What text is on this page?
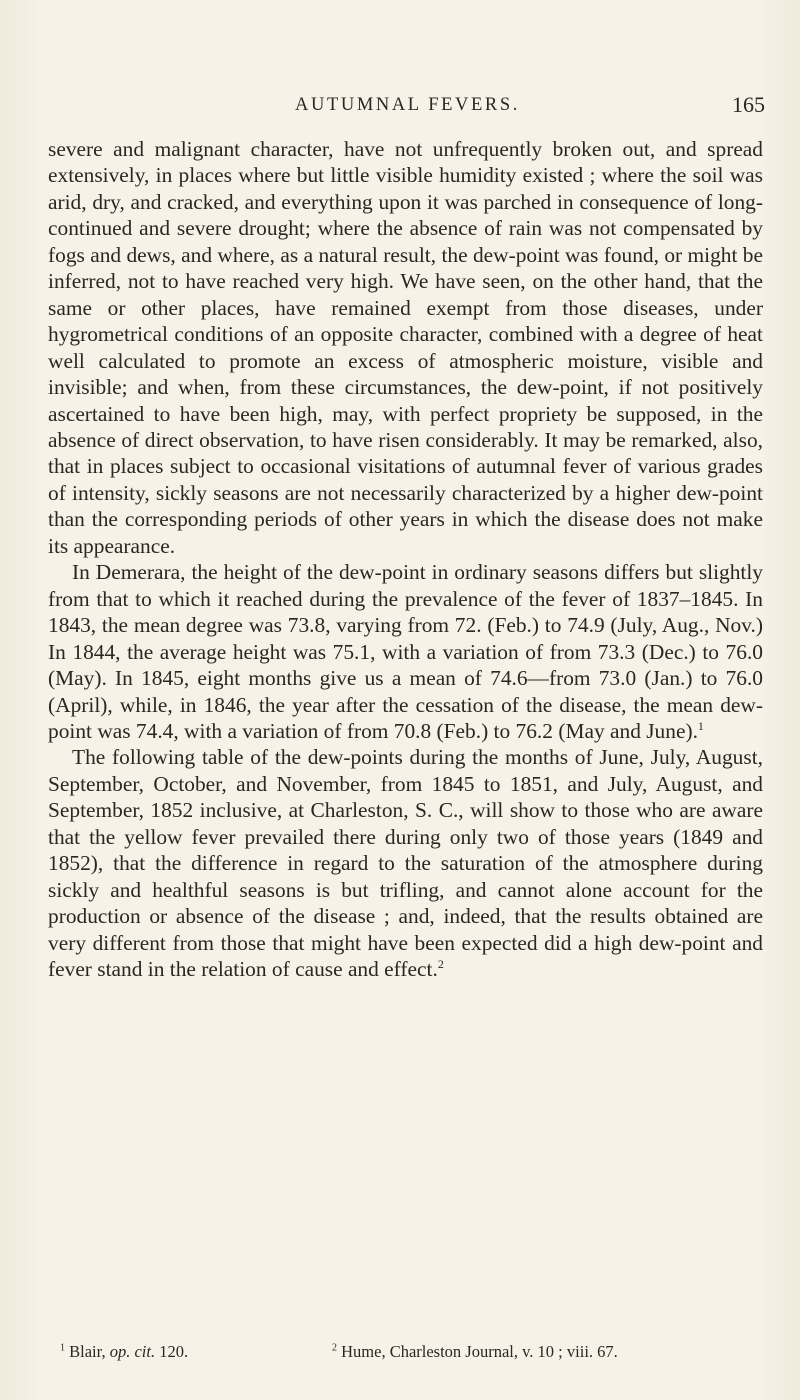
AUTUMNAL FEVERS.	165

severe and malignant character, have not unfrequently broken out, and spread extensively, in places where but little visible humidity existed ; where the soil was arid, dry, and cracked, and everything upon it was parched in consequence of long-continued and severe drought; where the absence of rain was not compensated by fogs and dews, and where, as a natural result, the dew-point was found, or might be inferred, not to have reached very high. We have seen, on the other hand, that the same or other places, have remained exempt from those diseases, under hygrometrical conditions of an opposite character, combined with a degree of heat well calculated to promote an excess of atmospheric moisture, visible and invisible; and when, from these circumstances, the dew-point, if not positively ascertained to have been high, may, with perfect propriety be supposed, in the absence of direct observation, to have risen considerably. It may be remarked, also, that in places subject to occasional visitations of autumnal fever of various grades of intensity, sickly seasons are not necessarily characterized by a higher dew-point than the corresponding periods of other years in which the disease does not make its appearance.

In Demerara, the height of the dew-point in ordinary seasons differs but slightly from that to which it reached during the prevalence of the fever of 1837–1845. In 1843, the mean degree was 73.8, varying from 72. (Feb.) to 74.9 (July, Aug., Nov.) In 1844, the average height was 75.1, with a variation of from 73.3 (Dec.) to 76.0 (May). In 1845, eight months give us a mean of 74.6—from 73.0 (Jan.) to 76.0 (April), while, in 1846, the year after the cessation of the disease, the mean dew-point was 74.4, with a variation of from 70.8 (Feb.) to 76.2 (May and June).$^1$

The following table of the dew-points during the months of June, July, August, September, October, and November, from 1845 to 1851, and July, August, and September, 1852 inclusive, at Charleston, S. C., will show to those who are aware that the yellow fever prevailed there during only two of those years (1849 and 1852), that the difference in regard to the saturation of the atmosphere during sickly and healthful seasons is but trifling, and cannot alone account for the production or absence of the disease ; and, indeed, that the results obtained are very different from those that might have been expected did a high dew-point and fever stand in the relation of cause and effect.$^2$

$^1$ Blair, op. cit. 120.	$^2$ Hume, Charleston Journal, v. 10 ; viii. 67.
